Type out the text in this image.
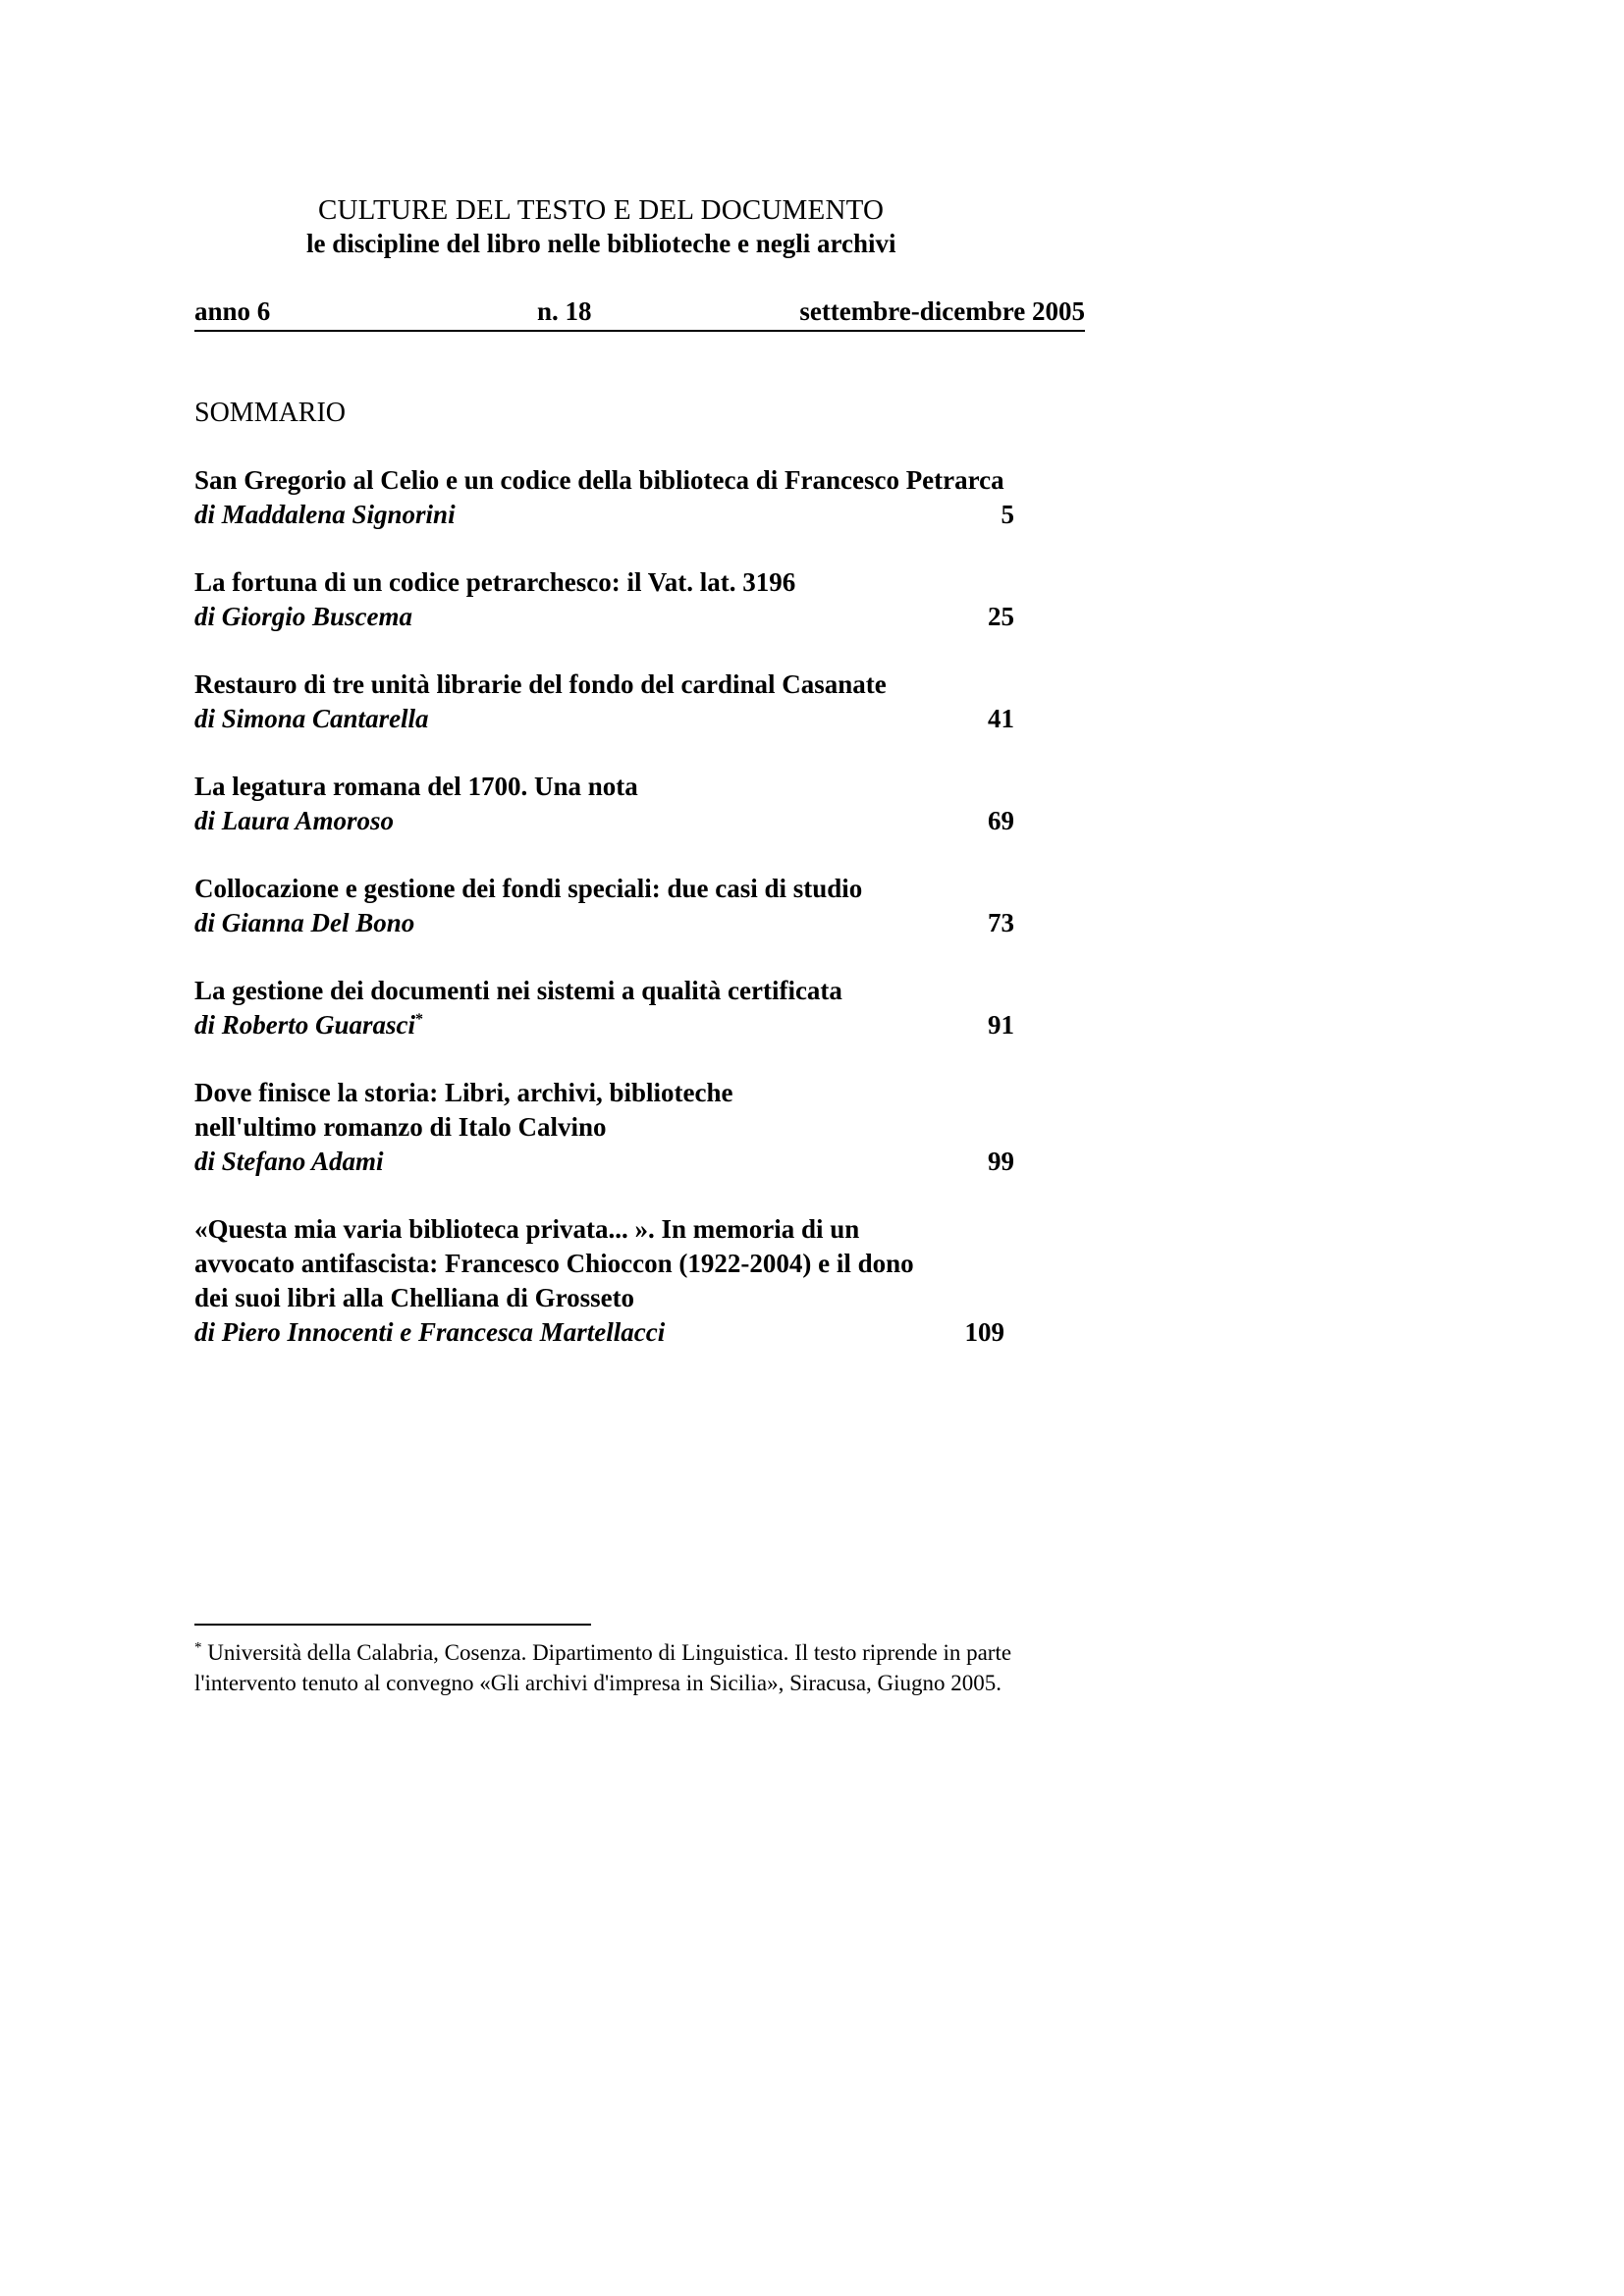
CULTURE DEL TESTO E DEL DOCUMENTO
le discipline del libro nelle biblioteche e negli archivi
anno 6	n. 18	settembre-dicembre 2005
SOMMARIO
San Gregorio al Celio e un codice della biblioteca di Francesco Petrarca
di Maddalena Signorini	5
La fortuna di un codice petrarchesco: il Vat. lat. 3196
di Giorgio Buscema	25
Restauro di tre unità librarie del fondo del cardinal Casanate
di Simona Cantarella	41
La legatura romana del 1700. Una nota
di Laura Amoroso	69
Collocazione e gestione dei fondi speciali: due casi di studio
di Gianna Del Bono	73
La gestione dei documenti nei sistemi a qualità certificata
di Roberto Guarasci*	91
Dove finisce la storia: Libri, archivi, biblioteche nell'ultimo romanzo di Italo Calvino
di Stefano Adami	99
«Questa mia varia biblioteca privata... ». In memoria di un avvocato antifascista: Francesco Chioccon (1922-2004) e il dono dei suoi libri alla Chelliana di Grosseto
di Piero Innocenti e Francesca Martellacci	109
* Università della Calabria, Cosenza. Dipartimento di Linguistica. Il testo riprende in parte l'intervento tenuto al convegno «Gli archivi d'impresa in Sicilia», Siracusa, Giugno 2005.
